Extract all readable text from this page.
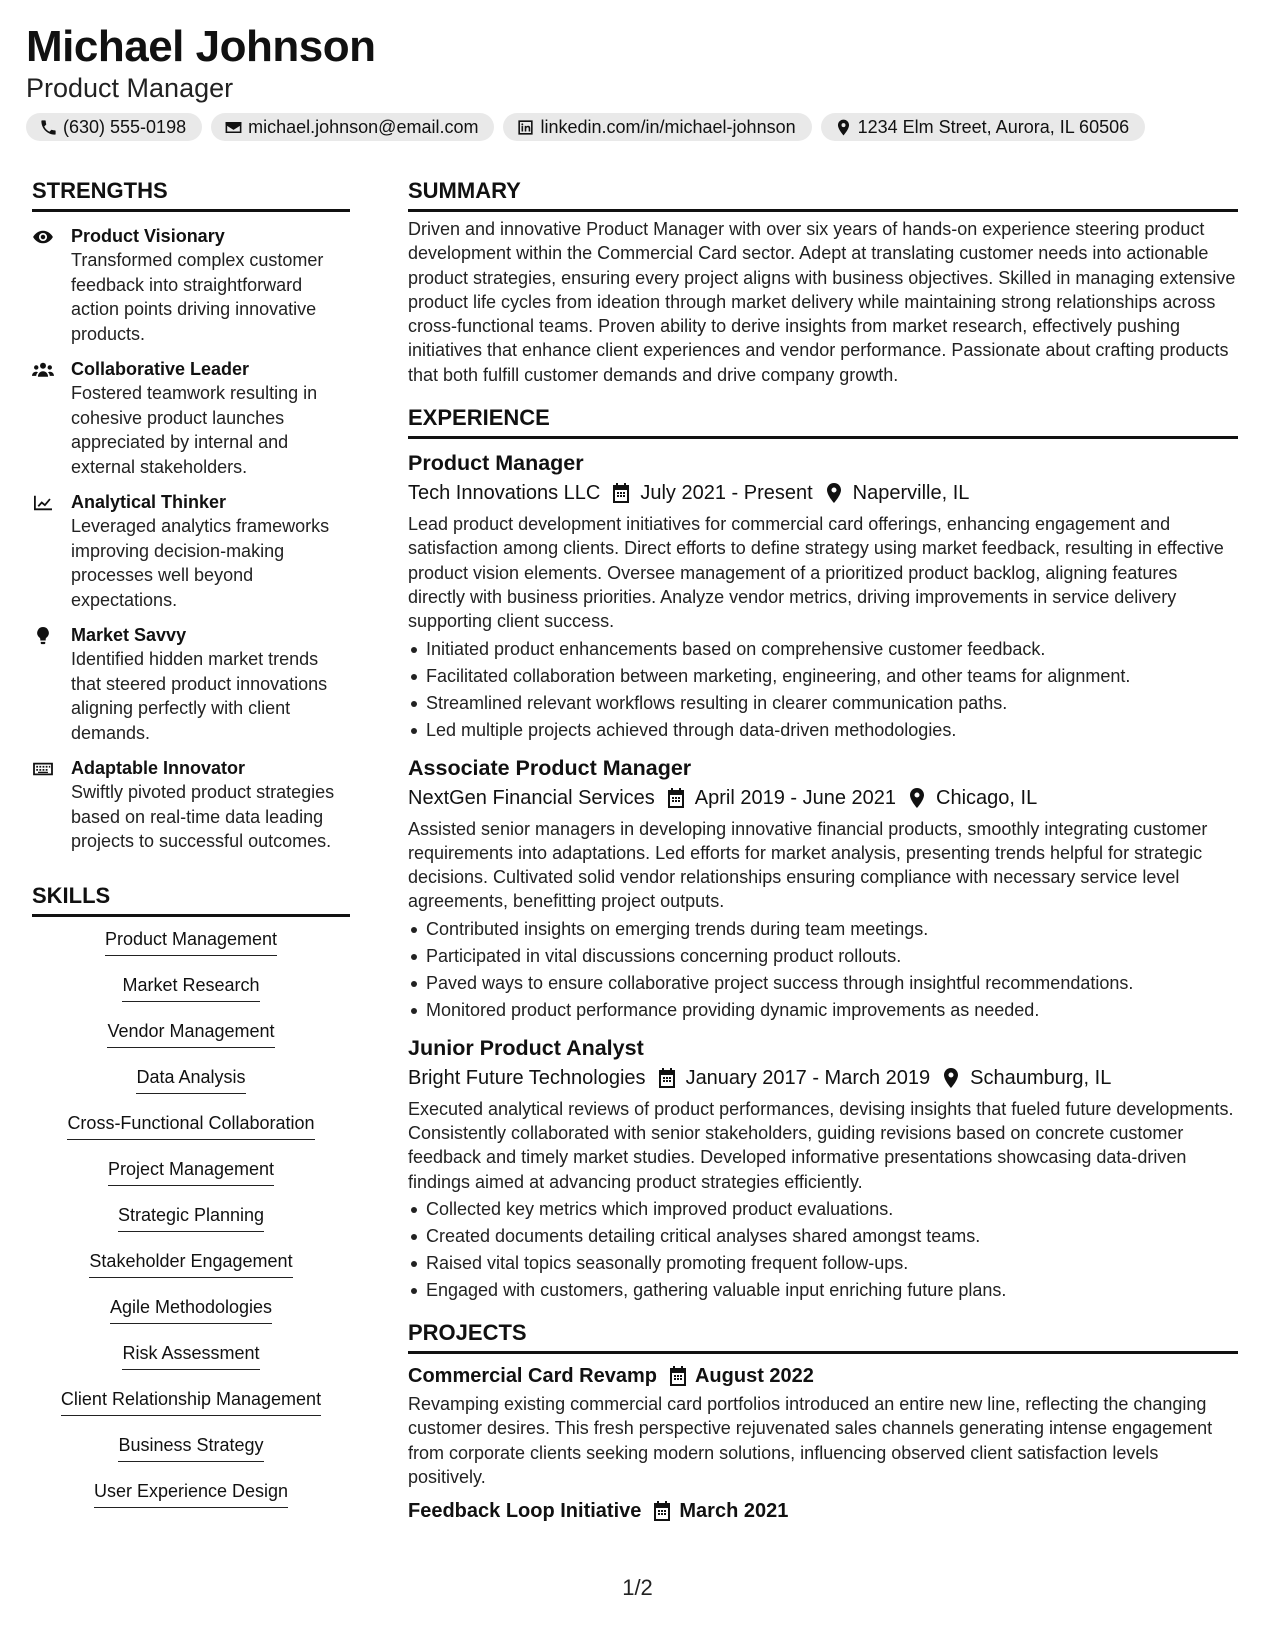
Michael Johnson
Product Manager
(630) 555-0198	michael.johnson@email.com	linkedin.com/in/michael-johnson	1234 Elm Street, Aurora, IL 60506
STRENGTHS
Product Visionary
Transformed complex customer feedback into straightforward action points driving innovative products.
Collaborative Leader
Fostered teamwork resulting in cohesive product launches appreciated by internal and external stakeholders.
Analytical Thinker
Leveraged analytics frameworks improving decision-making processes well beyond expectations.
Market Savvy
Identified hidden market trends that steered product innovations aligning perfectly with client demands.
Adaptable Innovator
Swiftly pivoted product strategies based on real-time data leading projects to successful outcomes.
SKILLS
Product Management
Market Research
Vendor Management
Data Analysis
Cross-Functional Collaboration
Project Management
Strategic Planning
Stakeholder Engagement
Agile Methodologies
Risk Assessment
Client Relationship Management
Business Strategy
User Experience Design
SUMMARY
Driven and innovative Product Manager with over six years of hands-on experience steering product development within the Commercial Card sector. Adept at translating customer needs into actionable product strategies, ensuring every project aligns with business objectives. Skilled in managing extensive product life cycles from ideation through market delivery while maintaining strong relationships across cross-functional teams. Proven ability to derive insights from market research, effectively pushing initiatives that enhance client experiences and vendor performance. Passionate about crafting products that both fulfill customer demands and drive company growth.
EXPERIENCE
Product Manager
Tech Innovations LLC July 2021 - Present Naperville, IL
Lead product development initiatives for commercial card offerings, enhancing engagement and satisfaction among clients. Direct efforts to define strategy using market feedback, resulting in effective product vision elements. Oversee management of a prioritized product backlog, aligning features directly with business priorities. Analyze vendor metrics, driving improvements in service delivery supporting client success.
Initiated product enhancements based on comprehensive customer feedback.
Facilitated collaboration between marketing, engineering, and other teams for alignment.
Streamlined relevant workflows resulting in clearer communication paths.
Led multiple projects achieved through data-driven methodologies.
Associate Product Manager
NextGen Financial Services April 2019 - June 2021 Chicago, IL
Assisted senior managers in developing innovative financial products, smoothly integrating customer requirements into adaptations. Led efforts for market analysis, presenting trends helpful for strategic decisions. Cultivated solid vendor relationships ensuring compliance with necessary service level agreements, benefitting project outputs.
Contributed insights on emerging trends during team meetings.
Participated in vital discussions concerning product rollouts.
Paved ways to ensure collaborative project success through insightful recommendations.
Monitored product performance providing dynamic improvements as needed.
Junior Product Analyst
Bright Future Technologies January 2017 - March 2019 Schaumburg, IL
Executed analytical reviews of product performances, devising insights that fueled future developments. Consistently collaborated with senior stakeholders, guiding revisions based on concrete customer feedback and timely market studies. Developed informative presentations showcasing data-driven findings aimed at advancing product strategies efficiently.
Collected key metrics which improved product evaluations.
Created documents detailing critical analyses shared amongst teams.
Raised vital topics seasonally promoting frequent follow-ups.
Engaged with customers, gathering valuable input enriching future plans.
PROJECTS
Commercial Card Revamp August 2022
Revamping existing commercial card portfolios introduced an entire new line, reflecting the changing customer desires. This fresh perspective rejuvenated sales channels generating intense engagement from corporate clients seeking modern solutions, influencing observed client satisfaction levels positively.
Feedback Loop Initiative March 2021
1/2
